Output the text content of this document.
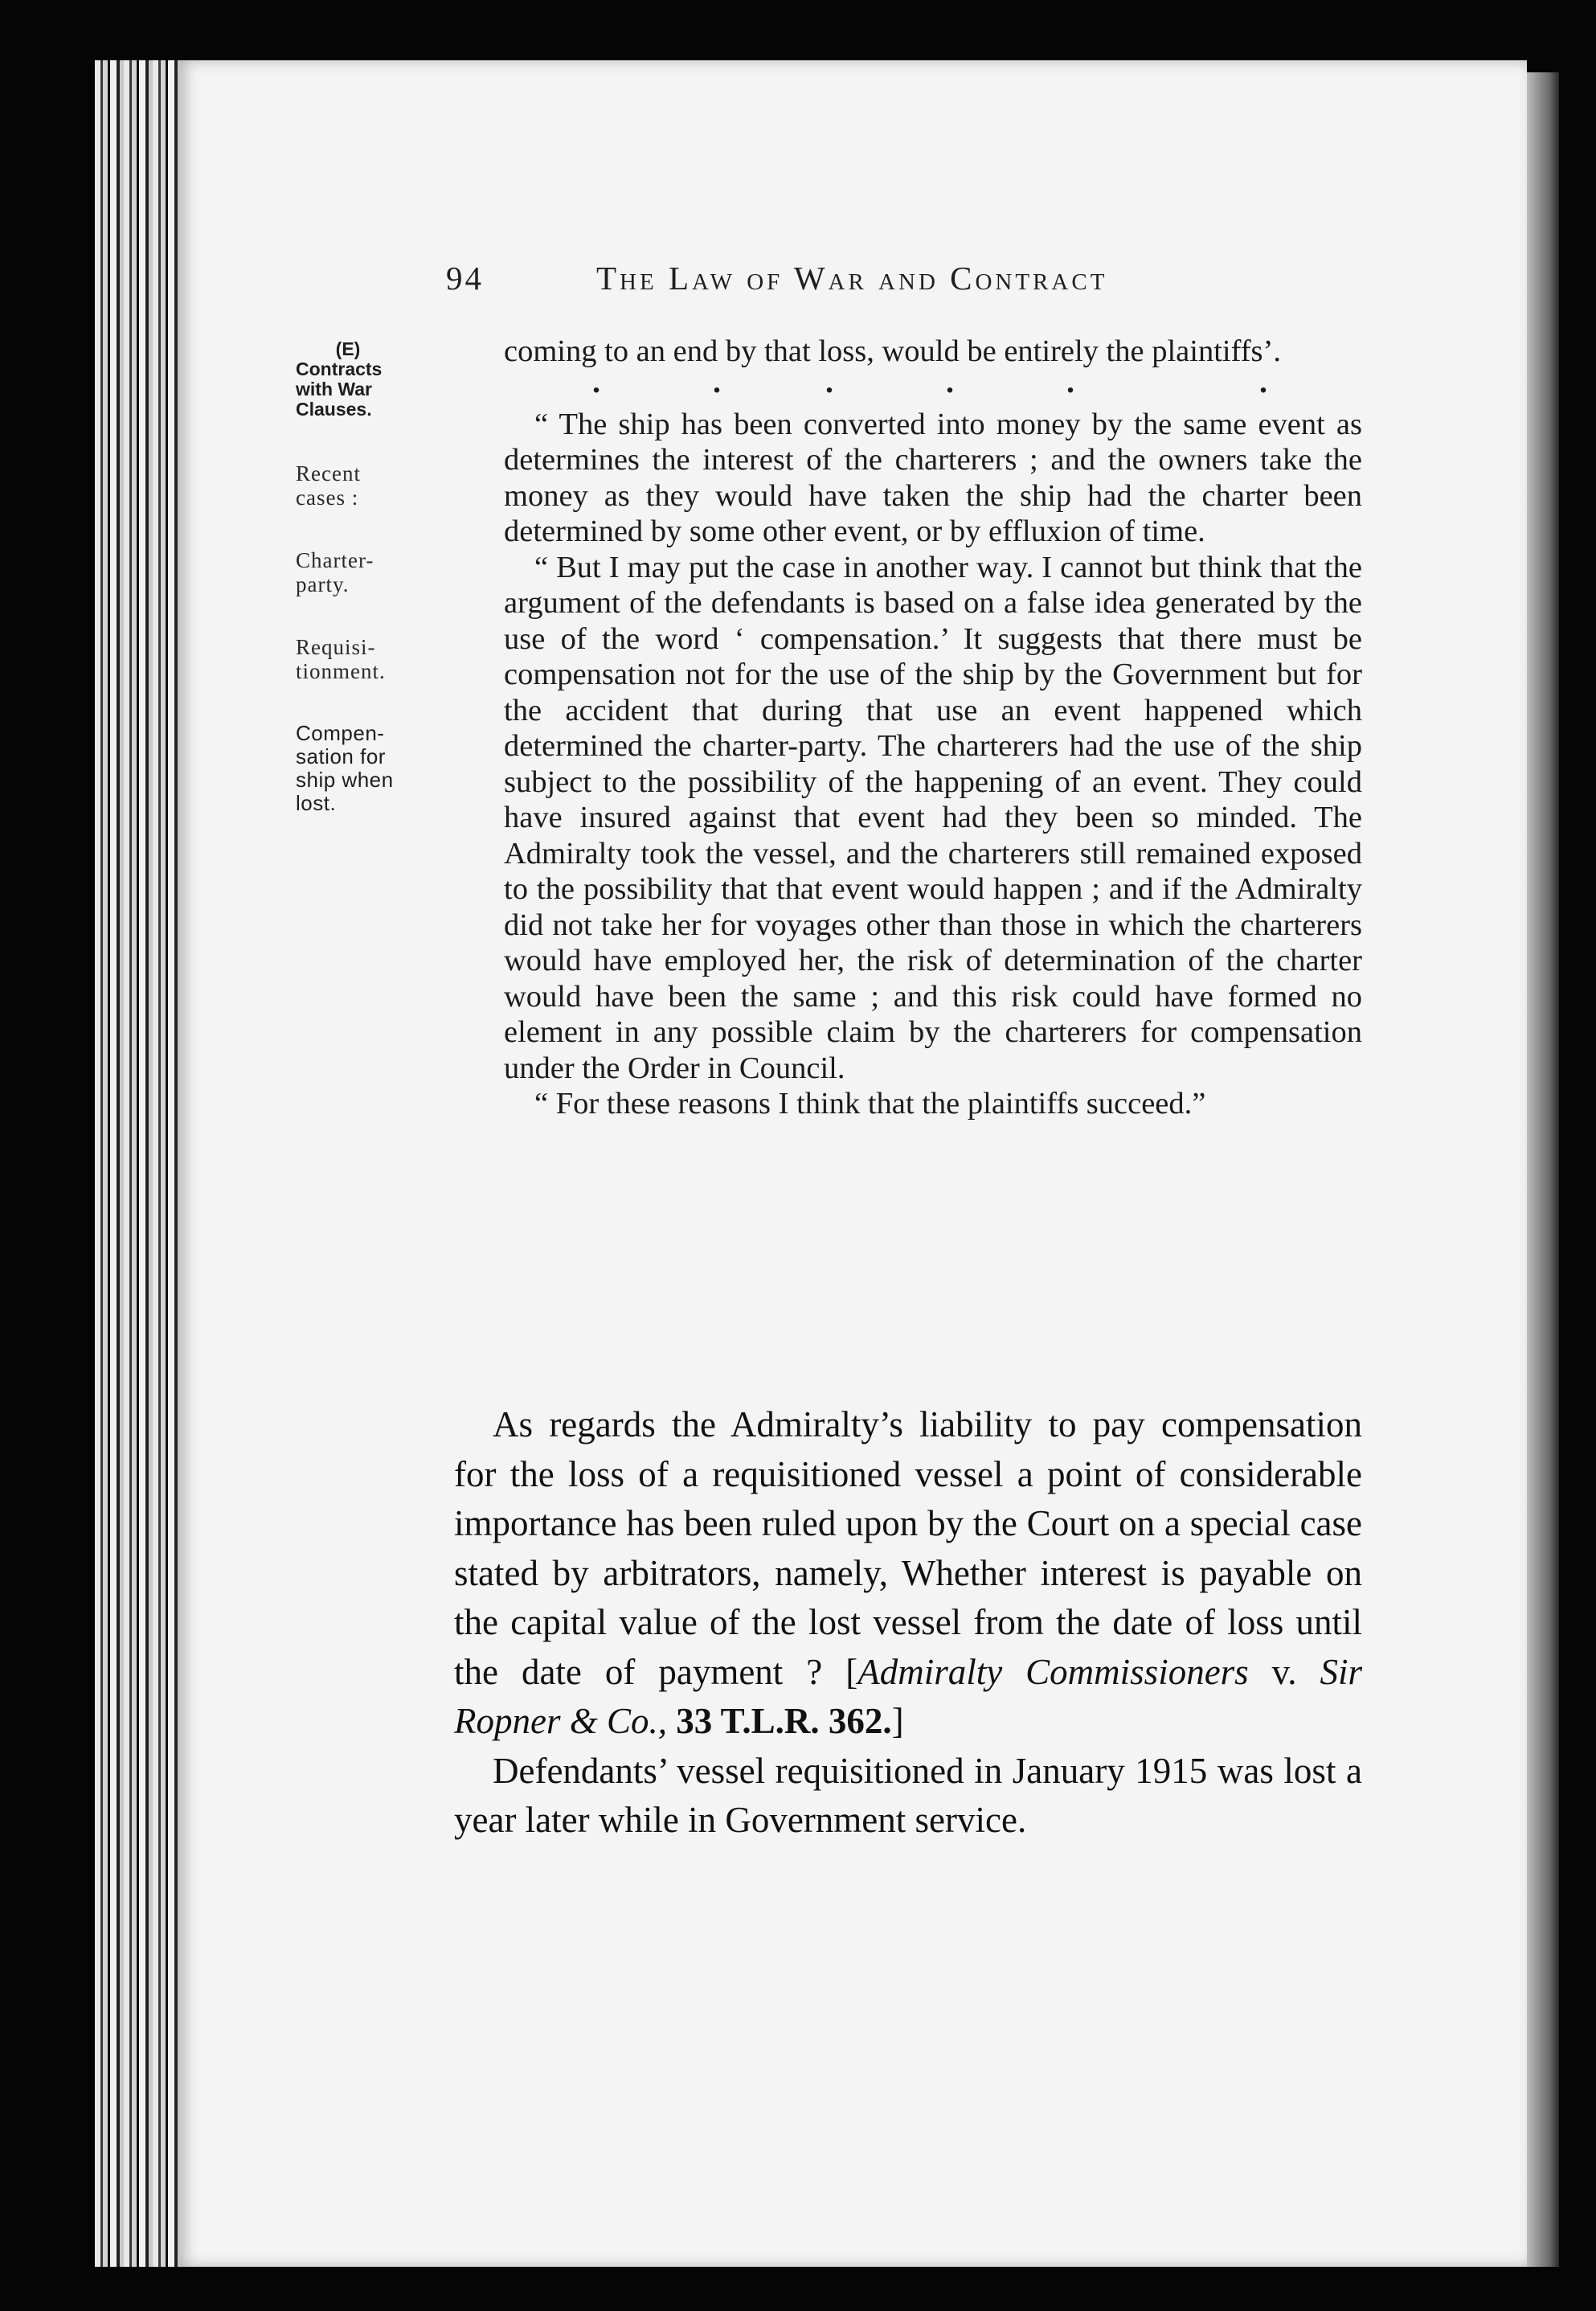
94	The Law of War and Contract
(E)
Contracts
with War
Clauses.
Recent
cases :
Charter-
party.
Requisi-
tionment.
Compen-
sation for
ship when
lost.

coming to an end by that loss, would be entirely the plaintiffs’.

.	.	.	.	.	.

“ The ship has been converted into money by the same event as determines the interest of the charterers ; and the owners take the money as they would have taken the ship had the charter been determined by some other event, or by efflux​ion of time.

“ But I may put the case in another way. I cannot but think that the argument of the defendants is based on a false idea generated by the use of the word ‘ compensation.’ It suggests that there must be compensation not for the use of the ship by the Government but for the accident that during that use an event happened which determined the charter-party. The charterers had the use of the ship subject to the possibility of the happening of an event. They could have insured against that event had they been so minded. The Admiralty took the vessel, and the charterers still remained exposed to the possibility that that event would happen ; and if the Admiralty did not take her for voyages other than those in which the charterers would have employed her, the risk of determination of the charter would have been the same ; and this risk could have formed no element in any possible claim by the charterers for compensation under the Order in Council.

“ For these reasons I think that the plaintiffs succeed.”

As regards the Admiralty’s liability to pay compensation for the loss of a requisitioned vessel a point of considerable importance has been ruled upon by the Court on a special case stated by arbitrators, namely, Whether interest is payable on the capital value of the lost vessel from the date of loss until the date of payment ? [Admiralty Commissioners v. Sir Ropner & Co., 33 T.L.R. 362.]

Defendants’ vessel requisitioned in January 1915 was lost a year later while in Government service.
